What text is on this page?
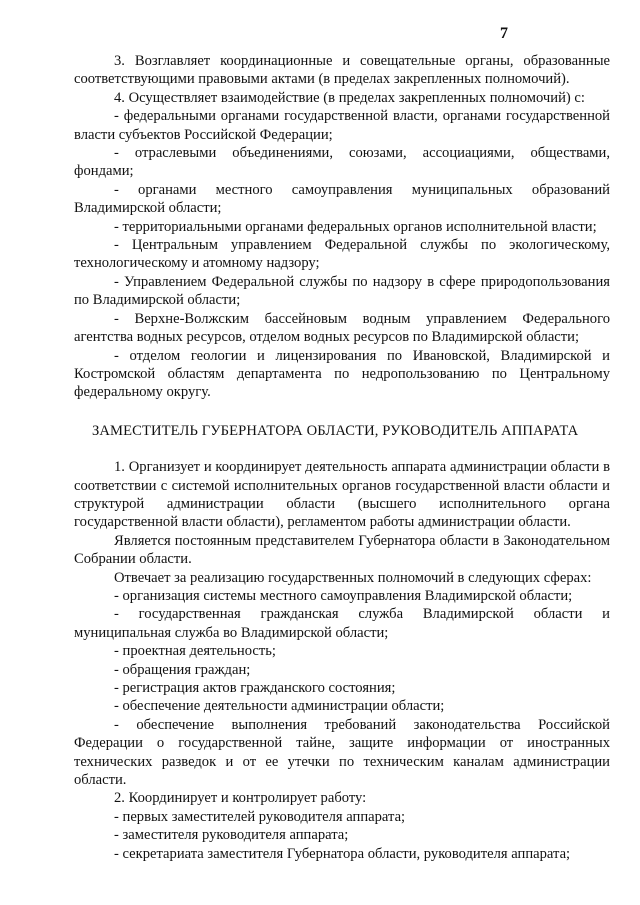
7

3. Возглавляет координационные и совещательные органы, образованные соответствующими правовыми актами (в пределах закрепленных полномочий).

4. Осуществляет взаимодействие (в пределах закрепленных полномочий) с:

- федеральными органами государственной власти, органами государственной власти субъектов Российской Федерации;

- отраслевыми объединениями, союзами, ассоциациями, обществами, фондами;

- органами местного самоуправления муниципальных образований Владимирской области;

- территориальными органами федеральных органов исполнительной власти;

- Центральным управлением Федеральной службы по экологическому, технологическому и атомному надзору;

- Управлением Федеральной службы по надзору в сфере природопользования по Владимирской области;

- Верхне-Волжским бассейновым водным управлением Федерального агентства водных ресурсов, отделом водных ресурсов по Владимирской области;

- отделом геологии и лицензирования по Ивановской, Владимирской и Костромской областям департамента по недропользованию по Центральному федеральному округу.

ЗАМЕСТИТЕЛЬ ГУБЕРНАТОРА ОБЛАСТИ, РУКОВОДИТЕЛЬ АППАРАТА

1. Организует и координирует деятельность аппарата администрации области в соответствии с системой исполнительных органов государственной власти области и структурой администрации области (высшего исполнительного органа государственной власти области), регламентом работы администрации области.

Является постоянным представителем Губернатора области в Законодательном Собрании области.

Отвечает за реализацию государственных полномочий в следующих сферах:

- организация системы местного самоуправления Владимирской области;

- государственная гражданская служба Владимирской области и муниципальная служба во Владимирской области;

- проектная деятельность;

- обращения граждан;

- регистрация актов гражданского состояния;

- обеспечение деятельности администрации области;

- обеспечение выполнения требований законодательства Российской Федерации о государственной тайне, защите информации от иностранных технических разведок и от ее утечки по техническим каналам администрации области.

2. Координирует и контролирует работу:

- первых заместителей руководителя аппарата;

- заместителя руководителя аппарата;

- секретариата заместителя Губернатора области, руководителя аппарата;
